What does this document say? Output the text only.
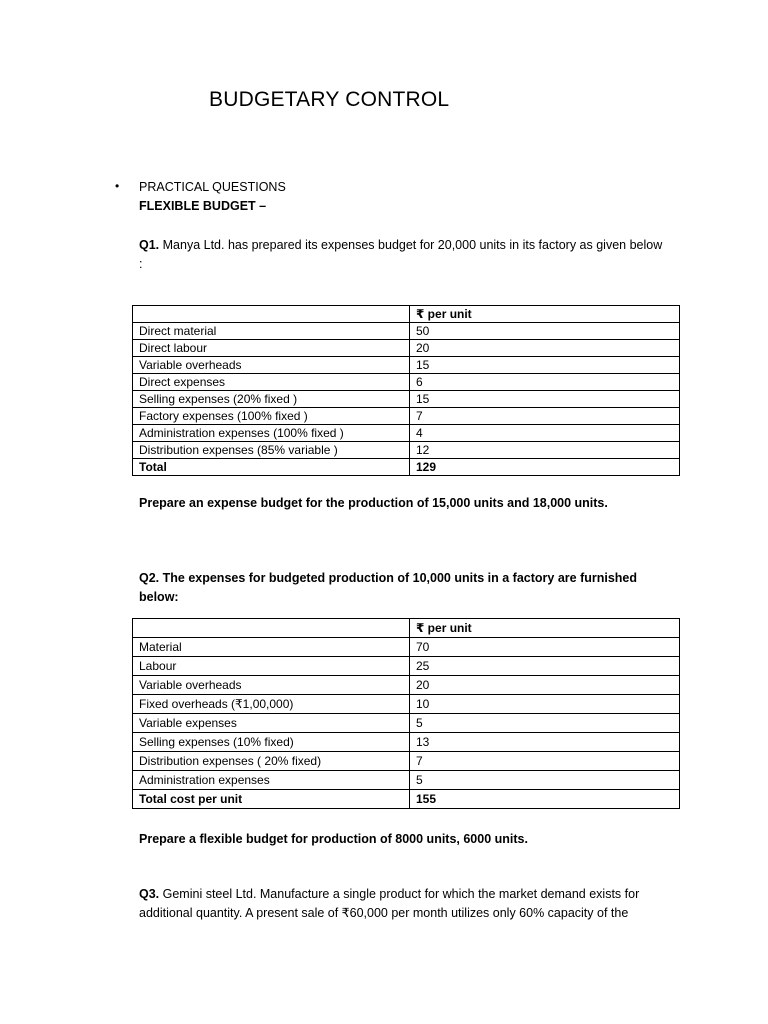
BUDGETARY CONTROL
• PRACTICAL QUESTIONS
FLEXIBLE BUDGET –
Q1. Manya Ltd. has prepared its expenses budget for 20,000 units in its factory as given below :
	₹ per unit
Direct material	50
Direct labour	20
Variable overheads	15
Direct expenses	6
Selling expenses (20% fixed )	15
Factory expenses (100% fixed )	7
Administration expenses (100% fixed )	4
Distribution expenses (85% variable )	12
Total	129
Prepare an expense budget for the production of 15,000 units and 18,000 units.
Q2. The expenses for budgeted production of 10,000 units in a factory are furnished below:
	₹ per unit
Material	70
Labour	25
Variable overheads	20
Fixed overheads (₹1,00,000)	10
Variable expenses	5
Selling expenses (10% fixed)	13
Distribution expenses ( 20% fixed)	7
Administration expenses	5
Total cost per unit	155
Prepare a flexible budget for production of 8000 units, 6000 units.
Q3. Gemini steel Ltd. Manufacture a single product for which the market demand exists for additional quantity. A present sale of ₹60,000 per month utilizes only 60% capacity of the
